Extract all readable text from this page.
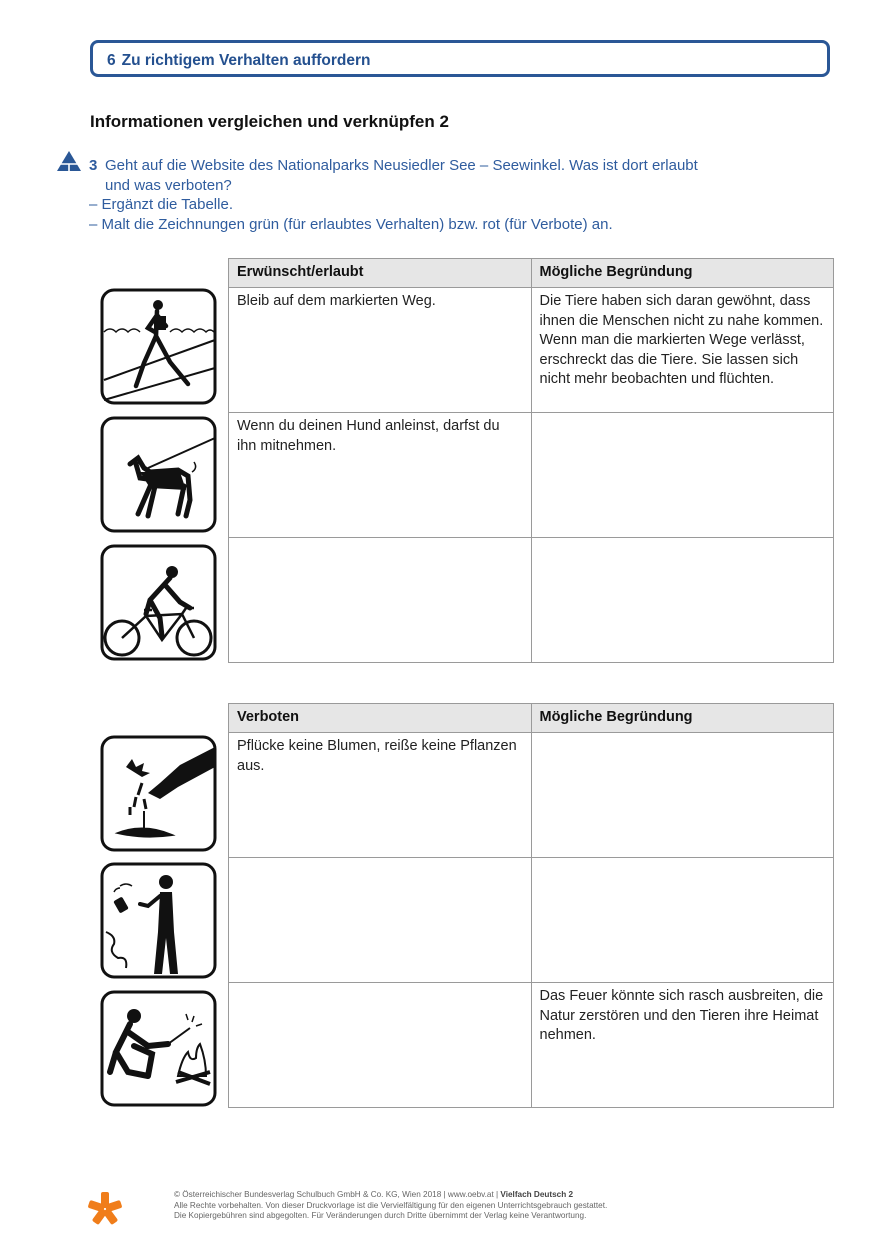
6 Zu richtigem Verhalten auffordern
Informationen vergleichen und verknüpfen 2
3 Geht auf die Website des Nationalparks Neusiedler See – Seewinkel. Was ist dort erlaubt
und was verboten?
– Ergänzt die Tabelle.
– Malt die Zeichnungen grün (für erlaubtes Verhalten) bzw. rot (für Verbote) an.
Erwünscht/erlaubt	Mögliche Begründung
Bleib auf dem markierten Weg.	Die Tiere haben sich daran gewöhnt, dass ihnen die Menschen nicht zu nahe kommen. Wenn man die markierten Wege verlässt, erschreckt das die Tiere. Sie lassen sich nicht mehr beobachten und flüchten.
Wenn du deinen Hund anleinst, darfst du ihn mitnehmen.	

Verboten	Mögliche Begründung
Pflücke keine Blumen, reiße keine Pflanzen aus.	

	Das Feuer könnte sich rasch ausbreiten, die Natur zerstören und den Tieren ihre Heimat nehmen.
© Österreichischer Bundesverlag Schulbuch GmbH & Co. KG, Wien 2018 | www.oebv.at | Vielfach Deutsch 2
Alle Rechte vorbehalten. Von dieser Druckvorlage ist die Vervielfältigung für den eigenen Unterrichtsgebrauch gestattet.
Die Kopiergebühren sind abgegolten. Für Veränderungen durch Dritte übernimmt der Verlag keine Verantwortung.
